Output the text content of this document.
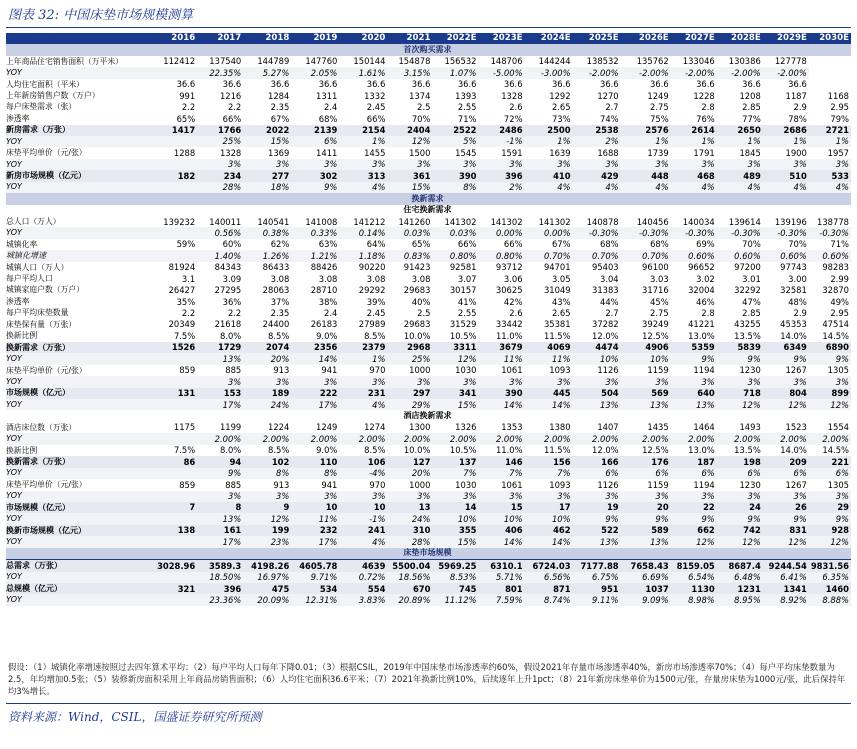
图表 32: 中国床垫市场规模测算
	2016	2017	2018	2019	2020	2021	2022E	2023E	2024E	2025E	2026E	2027E	2028E	2029E	2030E
首次购买需求															
上年商品住宅销售面积（万平米）	112412	137540	144789	147760	150144	154878	156532	148706	144244	138532	135762	133046	130386	127778	
YOY		22.35%	5.27%	2.05%	1.61%	3.15%	1.07%	-5.00%	-3.00%	-2.00%	-2.00%	-2.00%	-2.00%	-2.00%	
人均住宅面积（平米）	36.6	36.6	36.6	36.6	36.6	36.6	36.6	36.6	36.6	36.6	36.6	36.6	36.6	36.6	
上年新房销售户数（万户）	991	1216	1284	1311	1332	1374	1393	1328	1292	1270	1249	1228	1208	1187	1168
每户床垫需求（张）	2.2	2.2	2.35	2.4	2.45	2.5	2.55	2.6	2.65	2.7	2.75	2.8	2.85	2.9	2.95
渗透率	65%	66%	67%	68%	66%	70%	71%	72%	73%	74%	75%	76%	77%	78%	79%
新房需求（万张）	1417	1766	2022	2139	2154	2404	2522	2486	2500	2538	2576	2614	2650	2686	2721
YOY		25%	15%	6%	1%	12%	5%	-1%	1%	2%	1%	1%	1%	1%	1%
床垫平均单价（元/张）	1288	1328	1369	1411	1455	1500	1545	1591	1639	1688	1739	1791	1845	1900	1957
YOY		3%	3%	3%	3%	3%	3%	3%	3%	3%	3%	3%	3%	3%	3%
新房市场规模（亿元）	182	234	277	302	313	361	390	396	410	429	448	468	489	510	533
YOY		28%	18%	9%	4%	15%	8%	2%	4%	4%	4%	4%	4%	4%	4%
换新需求															
住宅换新需求															
总人口（万人）	139232	140011	140541	141008	141212	141260	141302	141302	141302	140878	140456	140034	139614	139196	138778
YOY		0.56%	0.38%	0.33%	0.14%	0.03%	0.03%	0.00%	0.00%	-0.30%	-0.30%	-0.30%	-0.30%	-0.30%	-0.30%
城镇化率	59%	60%	62%	63%	64%	65%	66%	66%	67%	68%	68%	69%	70%	70%	71%
城镇化增速		1.40%	1.26%	1.21%	1.18%	0.83%	0.80%	0.80%	0.70%	0.70%	0.70%	0.60%	0.60%	0.60%	0.60%
城镇人口（万人）	81924	84343	86433	88426	90220	91423	92581	93712	94701	95403	96100	96652	97200	97743	98283
每户平均人口	3.1	3.09	3.08	3.08	3.08	3.08	3.07	3.06	3.05	3.04	3.03	3.02	3.01	3.00	2.99
城镇家庭户数（万户）	26427	27295	28063	28710	29292	29683	30157	30625	31049	31383	31716	32004	32292	32581	32870
渗透率	35%	36%	37%	38%	39%	40%	41%	42%	43%	44%	45%	46%	47%	48%	49%
每户平均床垫数量	2.2	2.2	2.35	2.4	2.45	2.5	2.55	2.6	2.65	2.7	2.75	2.8	2.85	2.9	2.95
床垫保有量（万张）	20349	21618	24400	26183	27989	29683	31529	33442	35381	37282	39249	41221	43255	45353	47514
换新比例	7.5%	8.0%	8.5%	9.0%	8.5%	10.0%	10.5%	11.0%	11.5%	12.0%	12.5%	13.0%	13.5%	14.0%	14.5%
换新需求（万张）	1526	1729	2074	2356	2379	2968	3311	3679	4069	4474	4906	5359	5839	6349	6890
YOY		13%	20%	14%	1%	25%	12%	11%	11%	10%	10%	9%	9%	9%	9%
床垫平均单价（元/张）	859	885	913	941	970	1000	1030	1061	1093	1126	1159	1194	1230	1267	1305
YOY		3%	3%	3%	3%	3%	3%	3%	3%	3%	3%	3%	3%	3%	3%
市场规模（亿元）	131	153	189	222	231	297	341	390	445	504	569	640	718	804	899
YOY		17%	24%	17%	4%	29%	15%	14%	14%	13%	13%	13%	12%	12%	12%
酒店换新需求															
酒店床位数（万张）	1175	1199	1224	1249	1274	1300	1326	1353	1380	1407	1435	1464	1493	1523	1554
YOY		2.00%	2.00%	2.00%	2.00%	2.00%	2.00%	2.00%	2.00%	2.00%	2.00%	2.00%	2.00%	2.00%	2.00%
换新比例	7.5%	8.0%	8.5%	9.0%	8.5%	10.0%	10.5%	11.0%	11.5%	12.0%	12.5%	13.0%	13.5%	14.0%	14.5%
换新需求（万张）	86	94	102	110	106	127	137	146	156	166	176	187	198	209	221
YOY		9%	8%	8%	-4%	20%	7%	7%	7%	6%	6%	6%	6%	6%	6%
床垫平均单价（元/张）	859	885	913	941	970	1000	1030	1061	1093	1126	1159	1194	1230	1267	1305
YOY		3%	3%	3%	3%	3%	3%	3%	3%	3%	3%	3%	3%	3%	3%
市场规模（亿元）	7	8	9	10	10	13	14	15	17	19	20	22	24	26	29
YOY		13%	12%	11%	-1%	24%	10%	10%	10%	9%	9%	9%	9%	9%	9%
换新市场规模（亿元）	138	161	199	232	241	310	355	406	462	522	589	662	742	831	928
YOY		17%	23%	17%	4%	28%	15%	14%	14%	13%	13%	12%	12%	12%	12%
床垫市场规模															
总需求（万张）	3028.96	3589.3	4198.26	4605.78	4639	5500.04	5969.25	6310.1	6724.03	7177.88	7658.43	8159.05	8687.4	9244.54	9831.56
YOY		18.50%	16.97%	9.71%	0.72%	18.56%	8.53%	5.71%	6.56%	6.75%	6.69%	6.54%	6.48%	6.41%	6.35%
总规模（亿元）	321	396	475	534	554	670	745	801	871	951	1037	1130	1231	1341	1460
YOY		23.36%	20.09%	12.31%	3.83%	20.89%	11.12%	7.59%	8.74%	9.11%	9.09%	8.98%	8.95%	8.92%	8.88%
假设：（1）城镇化率增速按照过去四年算术平均；（2）每户平均人口每年下降0.01；（3）根据CSIL，2019年中国床垫市场渗透率约60%，假设2021年存量市场渗透率40%，新房市场渗透率70%；（4）每户平均床垫数量为2.5，年均增加0.5张；（5）装修新房面积采用上年商品房销售面积；（6）人均住宅面积36.6平米；（7）2021年换新比例10%，后续逐年上升1pct；（8）21年新房床垫单价为1500元/张，存量房床垫为1000元/张，此后保持年均3%增长。
资料来源：Wind，CSIL，国盛证券研究所预测
